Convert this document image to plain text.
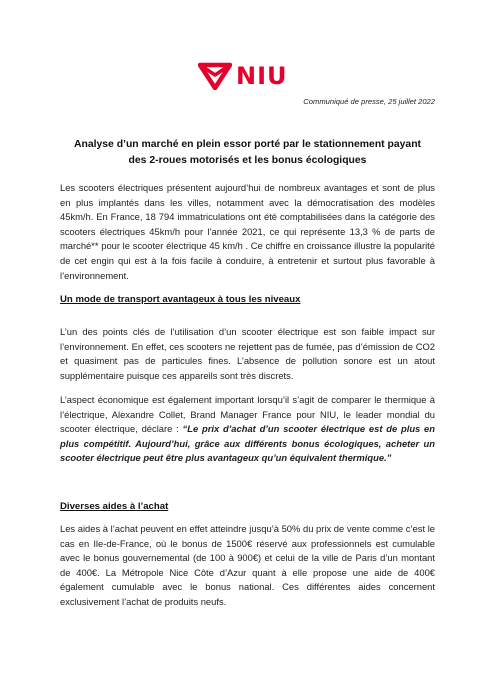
NIU
Communiqué de presse, 25 juillet 2022
Analyse d’un marché en plein essor porté par le stationnement payant
des 2-roues motorisés et les bonus écologiques

Les scooters électriques présentent aujourd’hui de nombreux avantages et sont de plus en plus implantés dans les villes, notamment avec la démocratisation des modèles 45km/h. En France, 18 794 immatriculations ont été comptabilisées dans la catégorie des scooters électriques 45km/h pour l’année 2021, ce qui représente 13,3 % de parts de marché** pour le scooter électrique 45 km/h . Ce chiffre en croissance illustre la popularité de cet engin qui est à la fois facile à conduire, à entretenir et surtout plus favorable à l’environnement.

Un mode de transport avantageux à tous les niveaux

L’un des points clés de l’utilisation d’un scooter électrique est son faible impact sur l’environnement. En effet, ces scooters ne rejettent pas de fumée, pas d’émission de CO2 et quasiment pas de particules fines. L’absence de pollution sonore est un atout supplémentaire puisque ces appareils sont très discrets.

L’aspect économique est également important lorsqu’il s’agit de comparer le thermique à l’électrique, Alexandre Collet, Brand Manager France pour NIU, le leader mondial du scooter électrique, déclare : “Le prix d’achat d’un scooter électrique est de plus en plus compétitif. Aujourd’hui, grâce aux différents bonus écologiques, acheter un scooter électrique peut être plus avantageux qu’un équivalent thermique.”

Diverses aides à l’achat

Les aides à l’achat peuvent en effet atteindre jusqu’à 50% du prix de vente comme c’est le cas en Ile-de-France, où le bonus de 1500€ réservé aux professionnels est cumulable avec le bonus gouvernemental (de 100 à 900€) et celui de la ville de Paris d’un montant de 400€. La Métropole Nice Côte d’Azur quant à elle propose une aide de 400€ également cumulable avec le bonus national. Ces différentes aides concernent exclusivement l’achat de produits neufs.
